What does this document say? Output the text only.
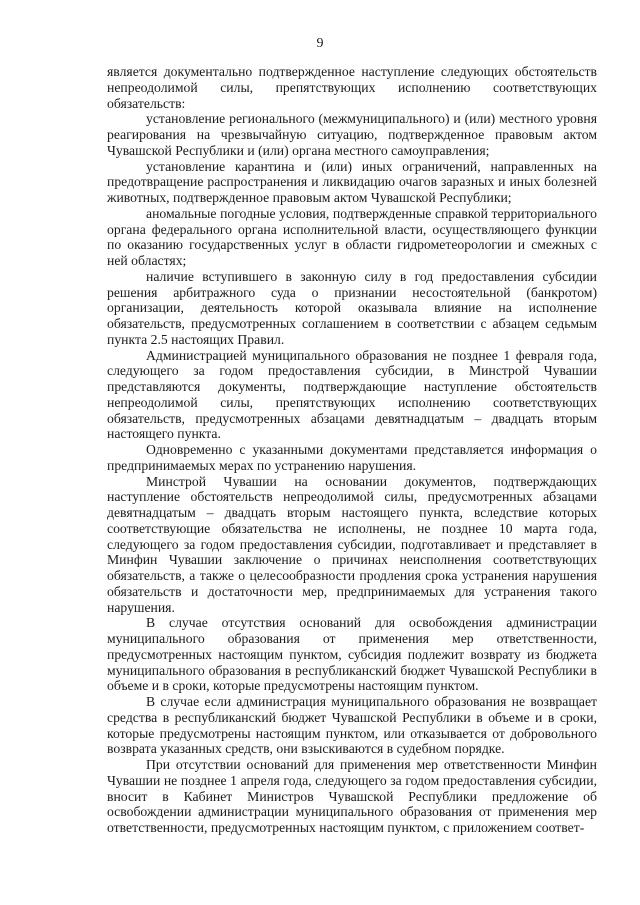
9

является документально подтвержденное наступление следующих обстоятельств непреодолимой силы, препятствующих исполнению соответствующих обязательств:

установление регионального (межмуниципального) и (или) местного уровня реагирования на чрезвычайную ситуацию, подтвержденное правовым актом Чувашской Республики и (или) органа местного самоуправления;

установление карантина и (или) иных ограничений, направленных на предотвращение распространения и ликвидацию очагов заразных и иных болезней животных, подтвержденное правовым актом Чувашской Республики;

аномальные погодные условия, подтвержденные справкой территориального органа федерального органа исполнительной власти, осуществляющего функции по оказанию государственных услуг в области гидрометеорологии и смежных с ней областях;

наличие вступившего в законную силу в год предоставления субсидии решения арбитражного суда о признании несостоятельной (банкротом) организации, деятельность которой оказывала влияние на исполнение обязательств, предусмотренных соглашением в соответствии с абзацем седьмым пункта 2.5 настоящих Правил.

Администрацией муниципального образования не позднее 1 февраля года, следующего за годом предоставления субсидии, в Минстрой Чувашии представляются документы, подтверждающие наступление обстоятельств непреодолимой силы, препятствующих исполнению соответствующих обязательств, предусмотренных абзацами девятнадцатым – двадцать вторым настоящего пункта.

Одновременно с указанными документами представляется информация о предпринимаемых мерах по устранению нарушения.

Минстрой Чувашии на основании документов, подтверждающих наступление обстоятельств непреодолимой силы, предусмотренных абзацами девятнадцатым – двадцать вторым настоящего пункта, вследствие которых соответствующие обязательства не исполнены, не позднее 10 марта года, следующего за годом предоставления субсидии, подготавливает и представляет в Минфин Чувашии заключение о причинах неисполнения соответствующих обязательств, а также о целесообразности продления срока устранения нарушения обязательств и достаточности мер, предпринимаемых для устранения такого нарушения.

В случае отсутствия оснований для освобождения администрации муниципального образования от применения мер ответственности, предусмотренных настоящим пунктом, субсидия подлежит возврату из бюджета муниципального образования в республиканский бюджет Чувашской Республики в объеме и в сроки, которые предусмотрены настоящим пунктом.

В случае если администрация муниципального образования не возвращает средства в республиканский бюджет Чувашской Республики в объеме и в сроки, которые предусмотрены настоящим пунктом, или отказывается от добровольного возврата указанных средств, они взыскиваются в судебном порядке.

При отсутствии оснований для применения мер ответственности Минфин Чувашии не позднее 1 апреля года, следующего за годом предоставления субсидии, вносит в Кабинет Министров Чувашской Республики предложение об освобождении администрации муниципального образования от применения мер ответственности, предусмотренных настоящим пунктом, с приложением соответ-
